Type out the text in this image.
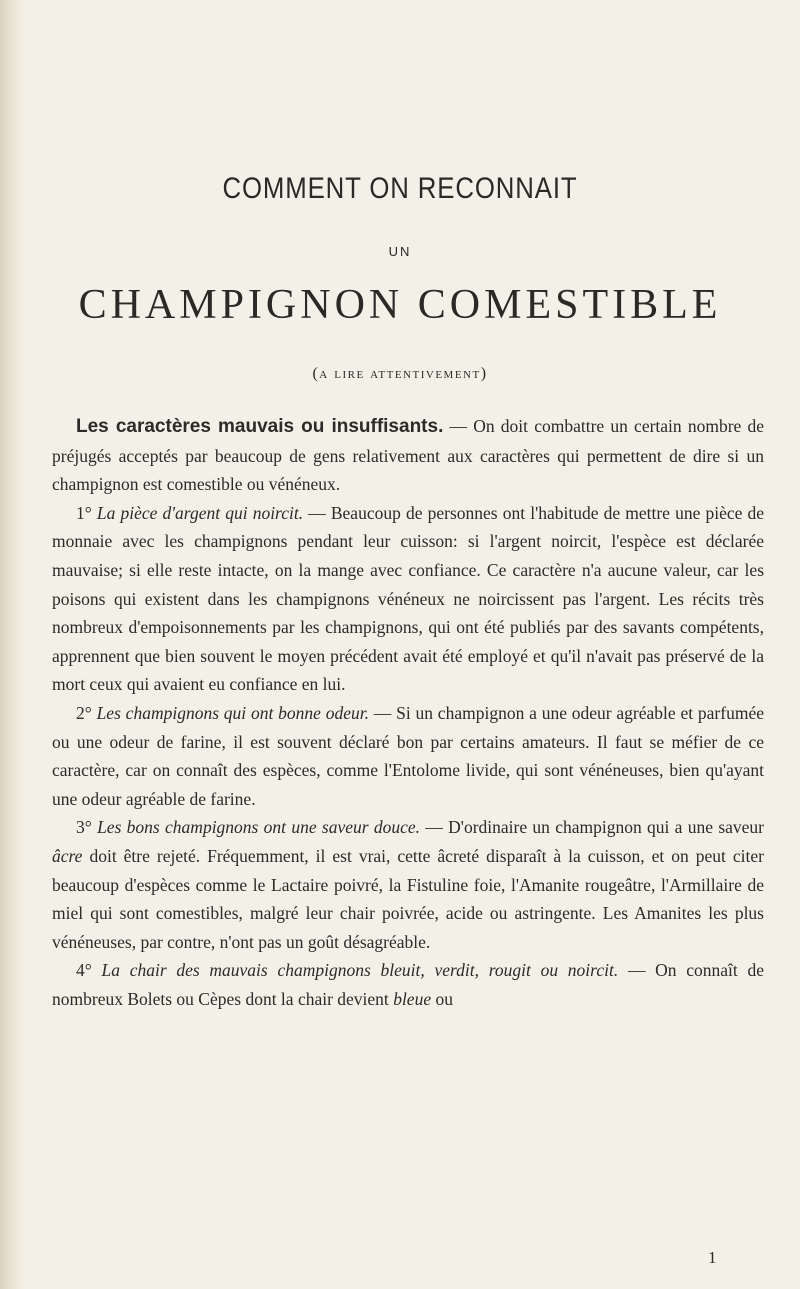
COMMENT ON RECONNAIT
UN
CHAMPIGNON COMESTIBLE
(a lire attentivement)

Les caractères mauvais ou insuffisants. — On doit combattre un certain nombre de préjugés acceptés par beaucoup de gens relativement aux caractères qui permettent de dire si un champignon est comestible ou vénéneux.

1° La pièce d'argent qui noircit. — Beaucoup de personnes ont l'habitude de mettre une pièce de monnaie avec les champignons pendant leur cuisson: si l'argent noircit, l'espèce est déclarée mauvaise; si elle reste intacte, on la mange avec confiance. Ce caractère n'a aucune valeur, car les poisons qui existent dans les champignons vénéneux ne noircissent pas l'argent. Les récits très nombreux d'empoisonnements par les champignons, qui ont été publiés par des savants compétents, apprennent que bien souvent le moyen précédent avait été employé et qu'il n'avait pas préservé de la mort ceux qui avaient eu confiance en lui.

2° Les champignons qui ont bonne odeur. — Si un champignon a une odeur agréable et parfumée ou une odeur de farine, il est souvent déclaré bon par certains amateurs. Il faut se méfier de ce caractère, car on connaît des espèces, comme l'Entolome livide, qui sont vénéneuses, bien qu'ayant une odeur agréable de farine.

3° Les bons champignons ont une saveur douce. — D'ordinaire un champignon qui a une saveur âcre doit être rejeté. Fréquemment, il est vrai, cette âcreté disparaît à la cuisson, et on peut citer beaucoup d'espèces comme le Lactaire poivré, la Fistuline foie, l'Amanite rougeâtre, l'Armillaire de miel qui sont comestibles, malgré leur chair poivrée, acide ou astringente. Les Amanites les plus vénéneuses, par contre, n'ont pas un goût désagréable.

4° La chair des mauvais champignons bleuit, verdit, rougit ou noircit. — On connaît de nombreux Bolets ou Cèpes dont la chair devient bleue ou

1
